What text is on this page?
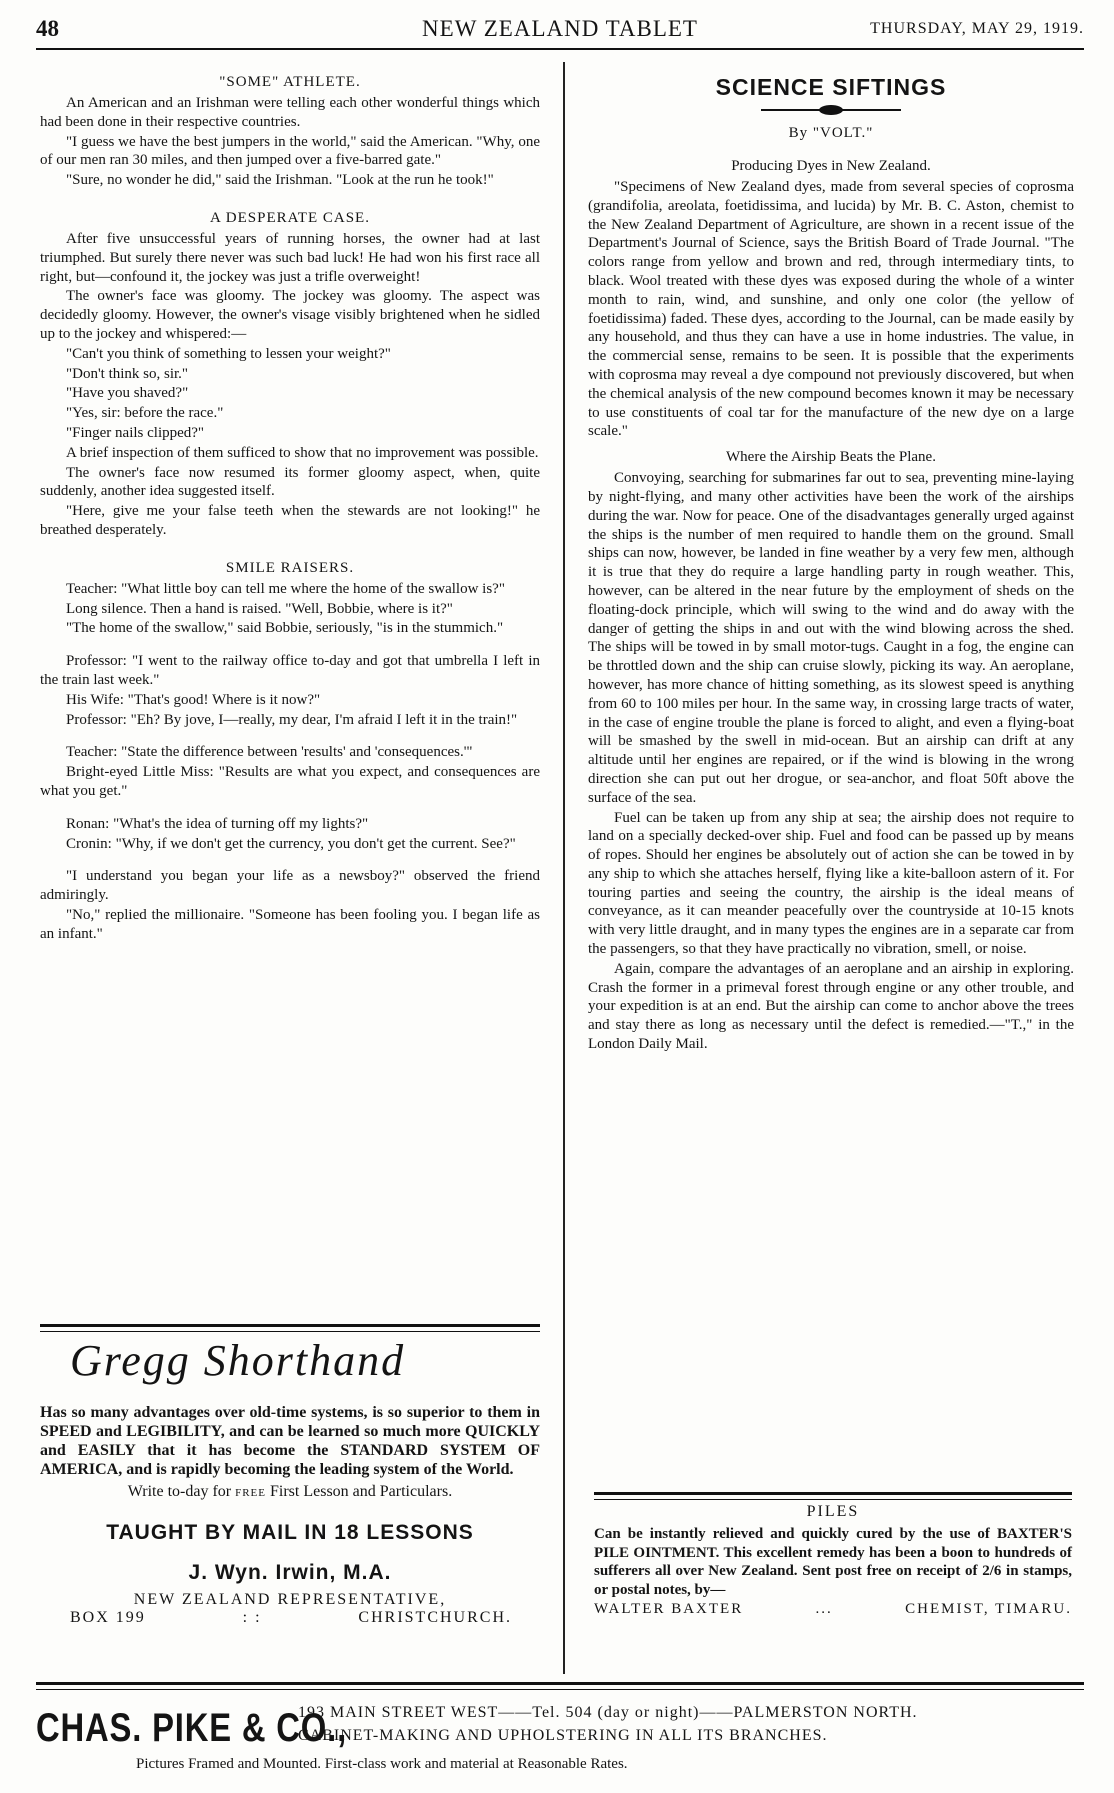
48	NEW ZEALAND TABLET	THURSDAY, MAY 29, 1919.
"SOME" ATHLETE.

An American and an Irishman were telling each other wonderful things which had been done in their respective countries.

"I guess we have the best jumpers in the world," said the American. "Why, one of our men ran 30 miles, and then jumped over a five-barred gate."

"Sure, no wonder he did," said the Irishman. "Look at the run he took!"

A DESPERATE CASE.

After five unsuccessful years of running horses, the owner had at last triumphed. But surely there never was such bad luck! He had won his first race all right, but—confound it, the jockey was just a trifle overweight!

The owner's face was gloomy. The jockey was gloomy. The aspect was decidedly gloomy. However, the owner's visage visibly brightened when he sidled up to the jockey and whispered:—

"Can't you think of something to lessen your weight?"

"Don't think so, sir."

"Have you shaved?"

"Yes, sir: before the race."

"Finger nails clipped?"

A brief inspection of them sufficed to show that no improvement was possible.

The owner's face now resumed its former gloomy aspect, when, quite suddenly, another idea suggested itself.

"Here, give me your false teeth when the stewards are not looking!" he breathed desperately.

SMILE RAISERS.

Teacher: "What little boy can tell me where the home of the swallow is?"

Long silence. Then a hand is raised. "Well, Bobbie, where is it?"

"The home of the swallow," said Bobbie, seriously, "is in the stummich."

Professor: "I went to the railway office to-day and got that umbrella I left in the train last week."

His Wife: "That's good! Where is it now?"

Professor: "Eh? By jove, I—really, my dear, I'm afraid I left it in the train!"

Teacher: "State the difference between 'results' and 'consequences.'"

Bright-eyed Little Miss: "Results are what you expect, and consequences are what you get."

Ronan: "What's the idea of turning off my lights?"

Cronin: "Why, if we don't get the currency, you don't get the current. See?"

"I understand you began your life as a newsboy?" observed the friend admiringly.

"No," replied the millionaire. "Someone has been fooling you. I began life as an infant."

Gregg Shorthand
Has so many advantages over old-time systems, is so superior to them in SPEED and LEGIBILITY, and can be learned so much more QUICKLY and EASILY that it has become the STANDARD SYSTEM OF AMERICA, and is rapidly becoming the leading system of the World.
Write to-day for FREE First Lesson and Particulars.
TAUGHT BY MAIL IN 18 LESSONS
J. Wyn. Irwin, M.A.
NEW ZEALAND REPRESENTATIVE,
BOX 199	: :	CHRISTCHURCH.
SCIENCE SIFTINGS
By "VOLT."
Producing Dyes in New Zealand.

"Specimens of New Zealand dyes, made from several species of coprosma (grandifolia, areolata, foetidissima, and lucida) by Mr. B. C. Aston, chemist to the New Zealand Department of Agriculture, are shown in a recent issue of the Department's Journal of Science, says the British Board of Trade Journal. "The colors range from yellow and brown and red, through intermediary tints, to black. Wool treated with these dyes was exposed during the whole of a winter month to rain, wind, and sunshine, and only one color (the yellow of foetidissima) faded. These dyes, according to the Journal, can be made easily by any household, and thus they can have a use in home industries. The value, in the commercial sense, remains to be seen. It is possible that the experiments with coprosma may reveal a dye compound not previously discovered, but when the chemical analysis of the new compound becomes known it may be necessary to use constituents of coal tar for the manufacture of the new dye on a large scale."

Where the Airship Beats the Plane.

Convoying, searching for submarines far out to sea, preventing mine-laying by night-flying, and many other activities have been the work of the airships during the war. Now for peace. One of the disadvantages generally urged against the ships is the number of men required to handle them on the ground. Small ships can now, however, be landed in fine weather by a very few men, although it is true that they do require a large handling party in rough weather. This, however, can be altered in the near future by the employment of sheds on the floating-dock principle, which will swing to the wind and do away with the danger of getting the ships in and out with the wind blowing across the shed. The ships will be towed in by small motor-tugs. Caught in a fog, the engine can be throttled down and the ship can cruise slowly, picking its way. An aeroplane, however, has more chance of hitting something, as its slowest speed is anything from 60 to 100 miles per hour. In the same way, in crossing large tracts of water, in the case of engine trouble the plane is forced to alight, and even a flying-boat will be smashed by the swell in mid-ocean. But an airship can drift at any altitude until her engines are repaired, or if the wind is blowing in the wrong direction she can put out her drogue, or sea-anchor, and float 50ft above the surface of the sea.

Fuel can be taken up from any ship at sea; the airship does not require to land on a specially decked-over ship. Fuel and food can be passed up by means of ropes. Should her engines be absolutely out of action she can be towed in by any ship to which she attaches herself, flying like a kite-balloon astern of it. For touring parties and seeing the country, the airship is the ideal means of conveyance, as it can meander peacefully over the countryside at 10-15 knots with very little draught, and in many types the engines are in a separate car from the passengers, so that they have practically no vibration, smell, or noise.

Again, compare the advantages of an aeroplane and an airship in exploring. Crash the former in a primeval forest through engine or any other trouble, and your expedition is at an end. But the airship can come to anchor above the trees and stay there as long as necessary until the defect is remedied.—"T.," in the London Daily Mail.

PILES
Can be instantly relieved and quickly cured by the use of BAXTER'S PILE OINTMENT. This excellent remedy has been a boon to hundreds of sufferers all over New Zealand. Sent post free on receipt of 2/6 in stamps, or postal notes, by—
WALTER BAXTER	...	CHEMIST, TIMARU.
CHAS. PIKE & CO.,
193 MAIN STREET WEST——Tel. 504 (day or night)——PALMERSTON NORTH.
CABINET-MAKING AND UPHOLSTERING IN ALL ITS BRANCHES.
Pictures Framed and Mounted. First-class work and material at Reasonable Rates.
